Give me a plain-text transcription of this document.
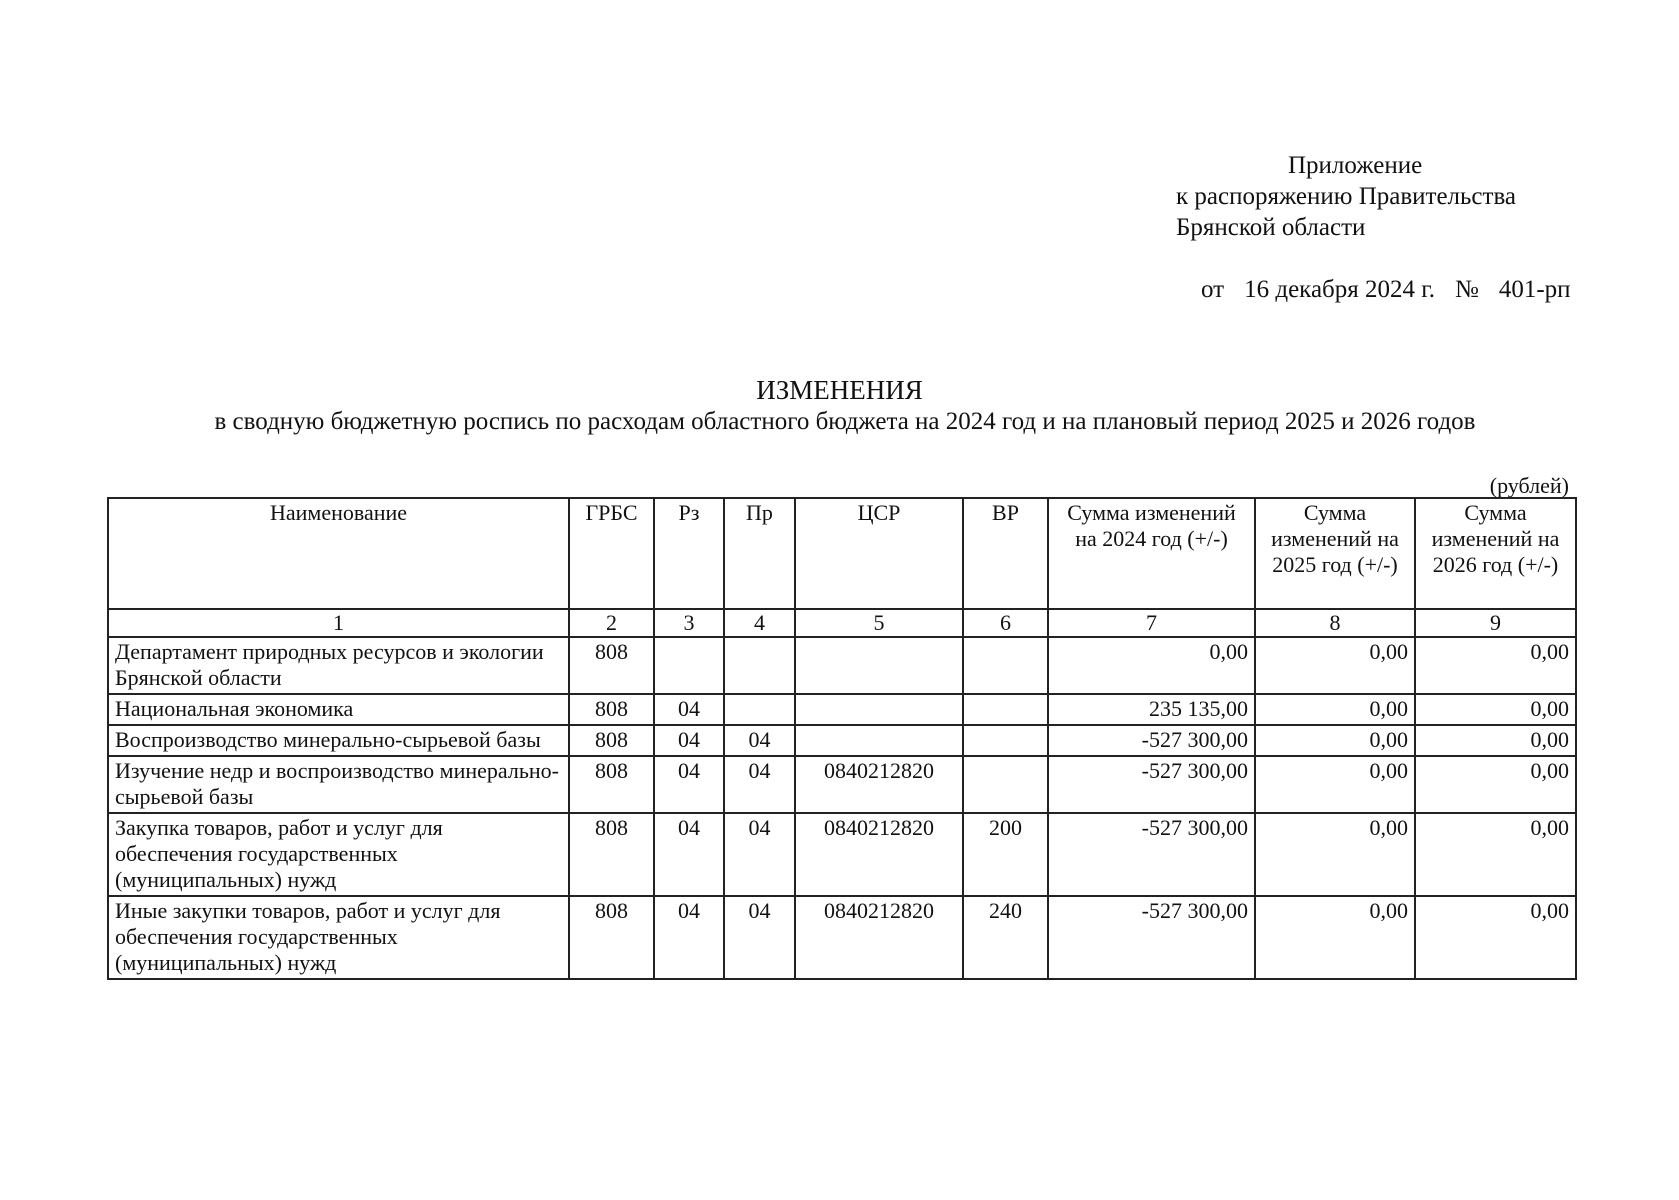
Приложение
к распоряжению Правительства
Брянской области

от 16 декабря 2024 г. № 401-рп

ИЗМЕНЕНИЯ
в сводную бюджетную роспись по расходам областного бюджета на 2024 год и на плановый период 2025 и 2026 годов
(рублей)
Наименование	ГРБС	Рз	Пр	ЦСР	ВР	Сумма изменений на 2024 год (+/-)	Сумма изменений на 2025 год (+/-)	Сумма изменений на 2026 год (+/-)
1	2	3	4	5	6	7	8	9
Департамент природных ресурсов и экологии Брянской области	808					0,00	0,00	0,00
Национальная экономика	808	04				235 135,00	0,00	0,00
Воспроизводство минерально-сырьевой базы	808	04	04			-527 300,00	0,00	0,00
Изучение недр и воспроизводство минерально-сырьевой базы	808	04	04	0840212820		-527 300,00	0,00	0,00
Закупка товаров, работ и услуг для обеспечения государственных (муниципальных) нужд	808	04	04	0840212820	200	-527 300,00	0,00	0,00
Иные закупки товаров, работ и услуг для обеспечения государственных (муниципальных) нужд	808	04	04	0840212820	240	-527 300,00	0,00	0,00
